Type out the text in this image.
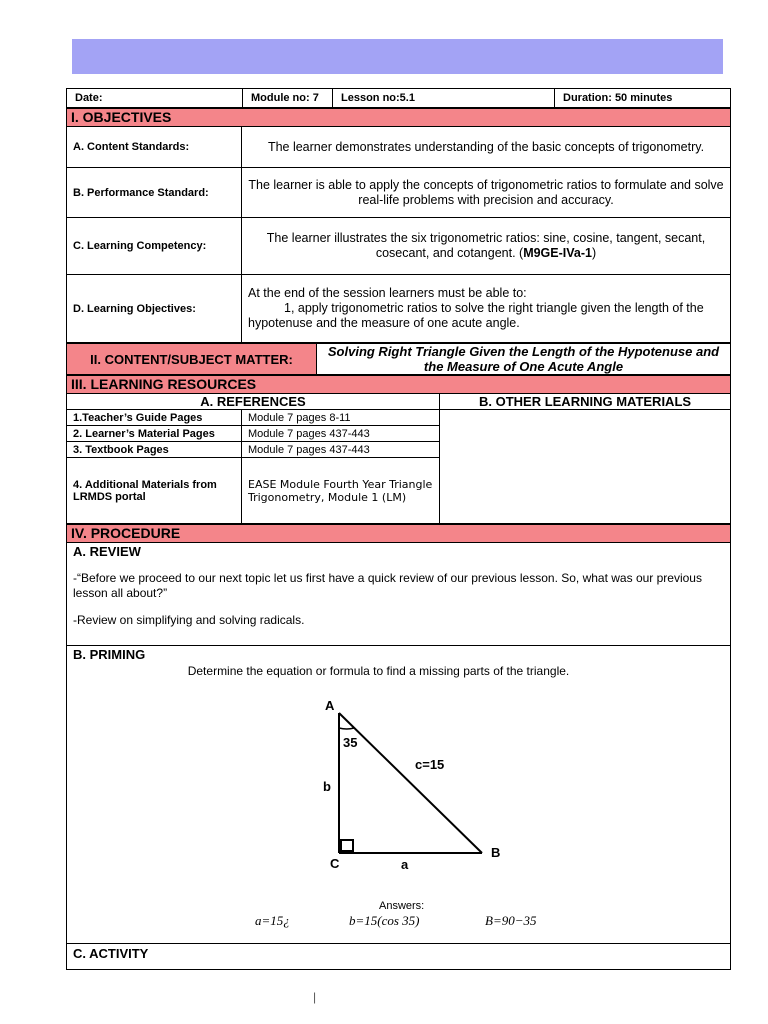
Date:	Module no: 7	Lesson no:5.1	Duration: 50 minutes
I. OBJECTIVES	
A. Content Standards:	The learner demonstrates understanding of the basic concepts of trigonometry.
B. Performance Standard:	The learner is able to apply the concepts of trigonometric ratios to formulate and solve real-life problems with precision and accuracy.
C. Learning Competency:	The learner illustrates the six trigonometric ratios: sine, cosine, tangent, secant, cosecant, and cotangent. (M9GE-IVa-1)
D. Learning Objectives:	At the end of the session learners must be able to:
1, apply trigonometric ratios to solve the right triangle given the length of the hypotenuse and the measure of one acute angle.
II. CONTENT/SUBJECT MATTER:	Solving Right Triangle Given the Length of the Hypotenuse and the Measure of One Acute Angle
III. LEARNING RESOURCES		
A. REFERENCES		B. OTHER LEARNING MATERIALS
1.Teacher’s Guide Pages	Module 7 pages 8-11	
2. Learner’s Material Pages	Module 7 pages 437-443	
3. Textbook Pages	Module 7 pages 437-443	
4. Additional Materials from LRMDS portal	EASE Module Fourth Year Triangle Trigonometry, Module 1 (LM)	
IV. PROCEDURE

A. REVIEW
-“Before we proceed to our next topic let us first have a quick review of our previous lesson. So, what was our previous lesson all about?”
-Review on simplifying and solving radicals.

B. PRIMING
Determine the equation or formula to find a missing parts of the triangle.
A
B
C
35
c=15
b
a
Answers:
a=15¿	b=15(cos 35)	B=90−35

C. ACTIVITY
|
